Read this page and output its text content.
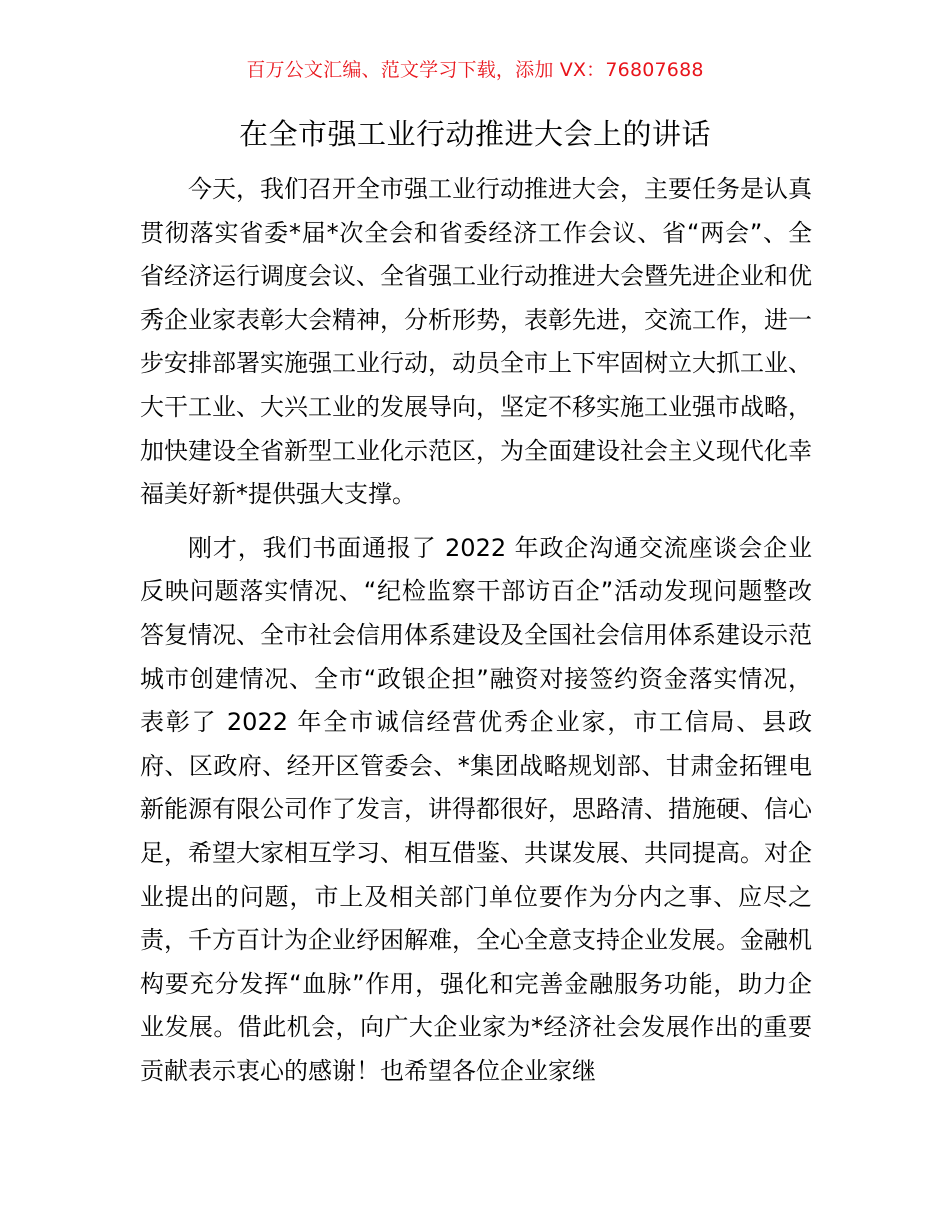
百万公文汇编、范文学习下载，添加 VX：76807688
在全市强工业行动推进大会上的讲话

今天，我们召开全市强工业行动推进大会，主要任务是认真贯彻落实省委*届*次全会和省委经济工作会议、省“两会”、全省经济运行调度会议、全省强工业行动推进大会暨先进企业和优秀企业家表彰大会精神，分析形势，表彰先进，交流工作，进一步安排部署实施强工业行动，动员全市上下牢固树立大抓工业、大干工业、大兴工业的发展导向，坚定不移实施工业强市战略，加快建设全省新型工业化示范区，为全面建设社会主义现代化幸福美好新*提供强大支撑。

刚才，我们书面通报了 2022 年政企沟通交流座谈会企业反映问题落实情况、“纪检监察干部访百企”活动发现问题整改答复情况、全市社会信用体系建设及全国社会信用体系建设示范城市创建情况、全市“政银企担”融资对接签约资金落实情况，表彰了 2022 年全市诚信经营优秀企业家，市工信局、县政府、区政府、经开区管委会、*集团战略规划部、甘肃金拓锂电新能源有限公司作了发言，讲得都很好，思路清、措施硬、信心足，希望大家相互学习、相互借鉴、共谋发展、共同提高。对企业提出的问题，市上及相关部门单位要作为分内之事、应尽之责，千方百计为企业纾困解难，全心全意支持企业发展。金融机构要充分发挥“血脉”作用，强化和完善金融服务功能，助力企业发展。借此机会，向广大企业家为*经济社会发展作出的重要贡献表示衷心的感谢！也希望各位企业家继
